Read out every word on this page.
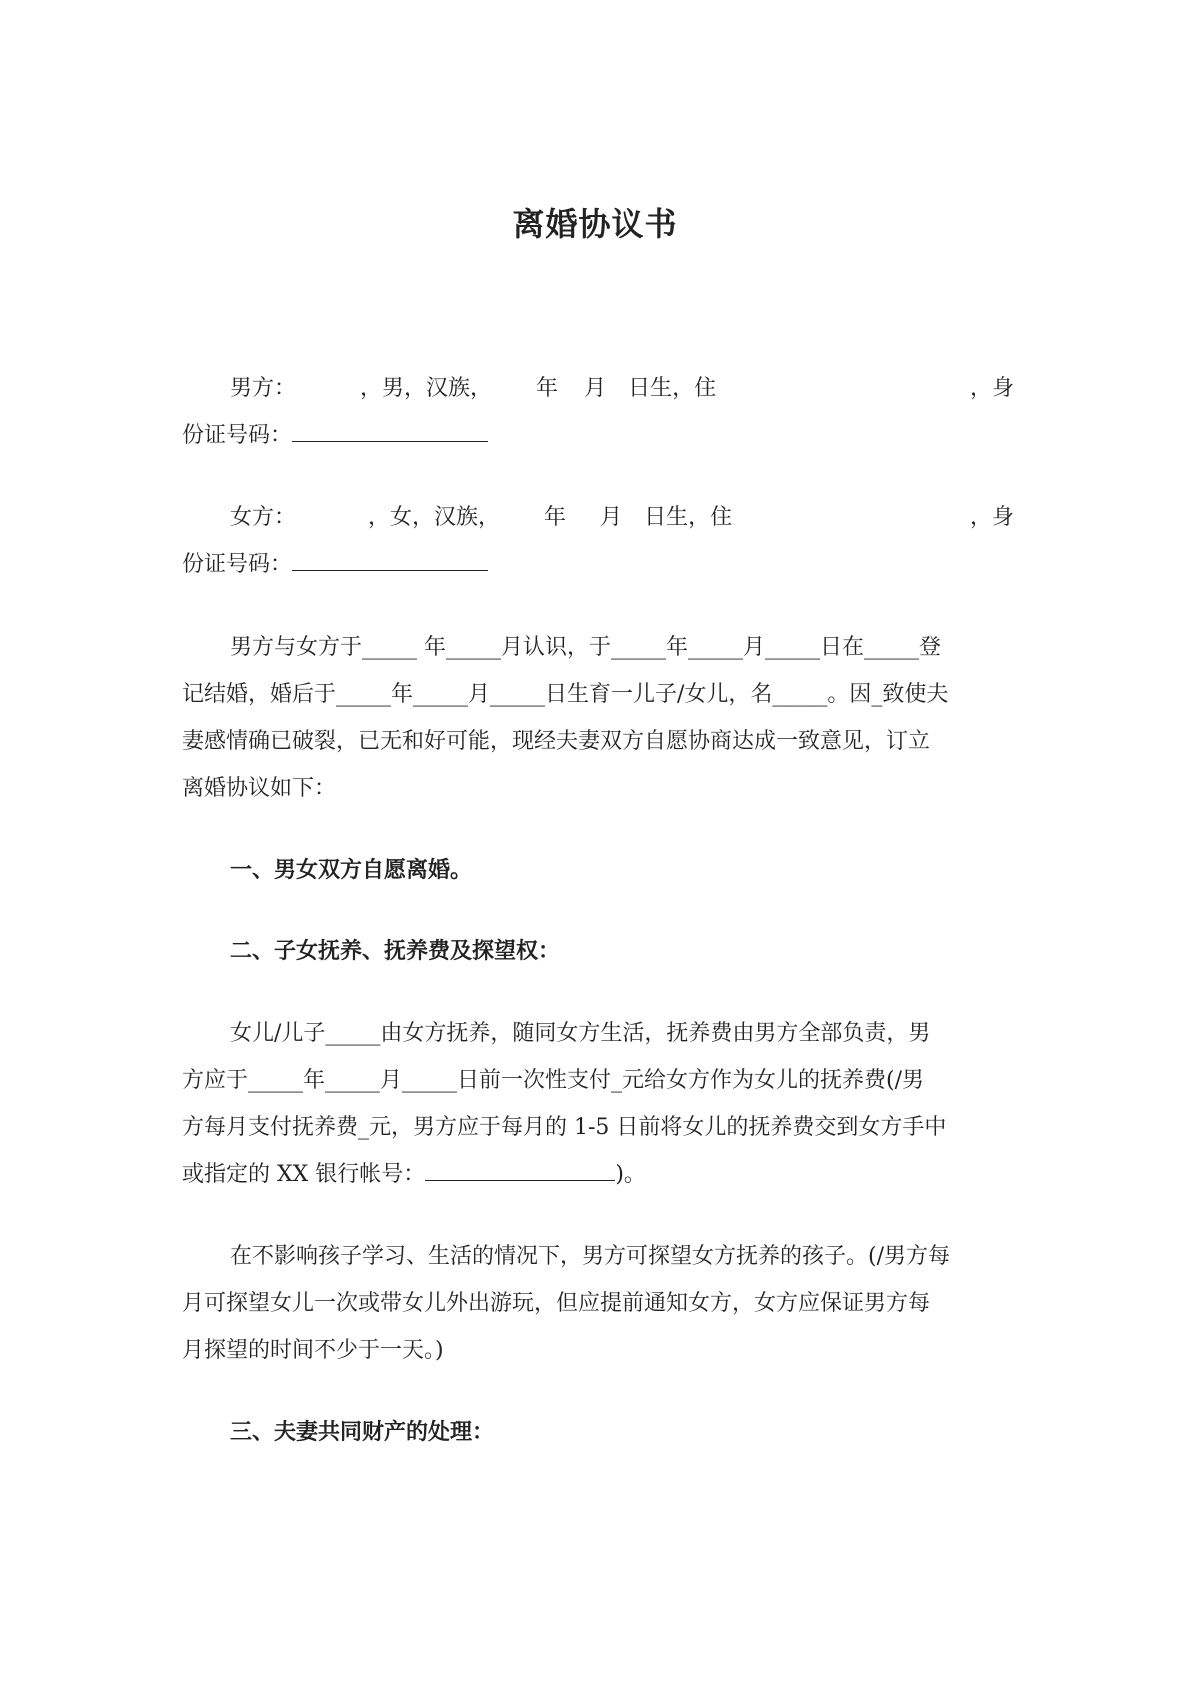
离婚协议书
男方：	，男，汉族， 年 月 日生，住	，身
份证号码：
女方：	，女，汉族， 年 月 日生，住	，身
份证号码：
男方与女方于_____ 年_____月认识，于_____年_____月_____日在_____登
记结婚，婚后于_____年_____月_____日生育一儿子/女儿，名_____。因_致使夫
妻感情确已破裂，已无和好可能，现经夫妻双方自愿协商达成一致意见，订立
离婚协议如下：
一、男女双方自愿离婚。
二、子女抚养、抚养费及探望权：
女儿/儿子_____由女方抚养，随同女方生活，抚养费由男方全部负责，男
方应于_____年_____月_____日前一次性支付_元给女方作为女儿的抚养费(/男
方每月支付抚养费_元，男方应于每月的 1-5 日前将女儿的抚养费交到女方手中
或指定的 XX 银行帐号：	)。
在不影响孩子学习、生活的情况下，男方可探望女方抚养的孩子。(/男方每
月可探望女儿一次或带女儿外出游玩，但应提前通知女方，女方应保证男方每
月探望的时间不少于一天。)
三、夫妻共同财产的处理：
